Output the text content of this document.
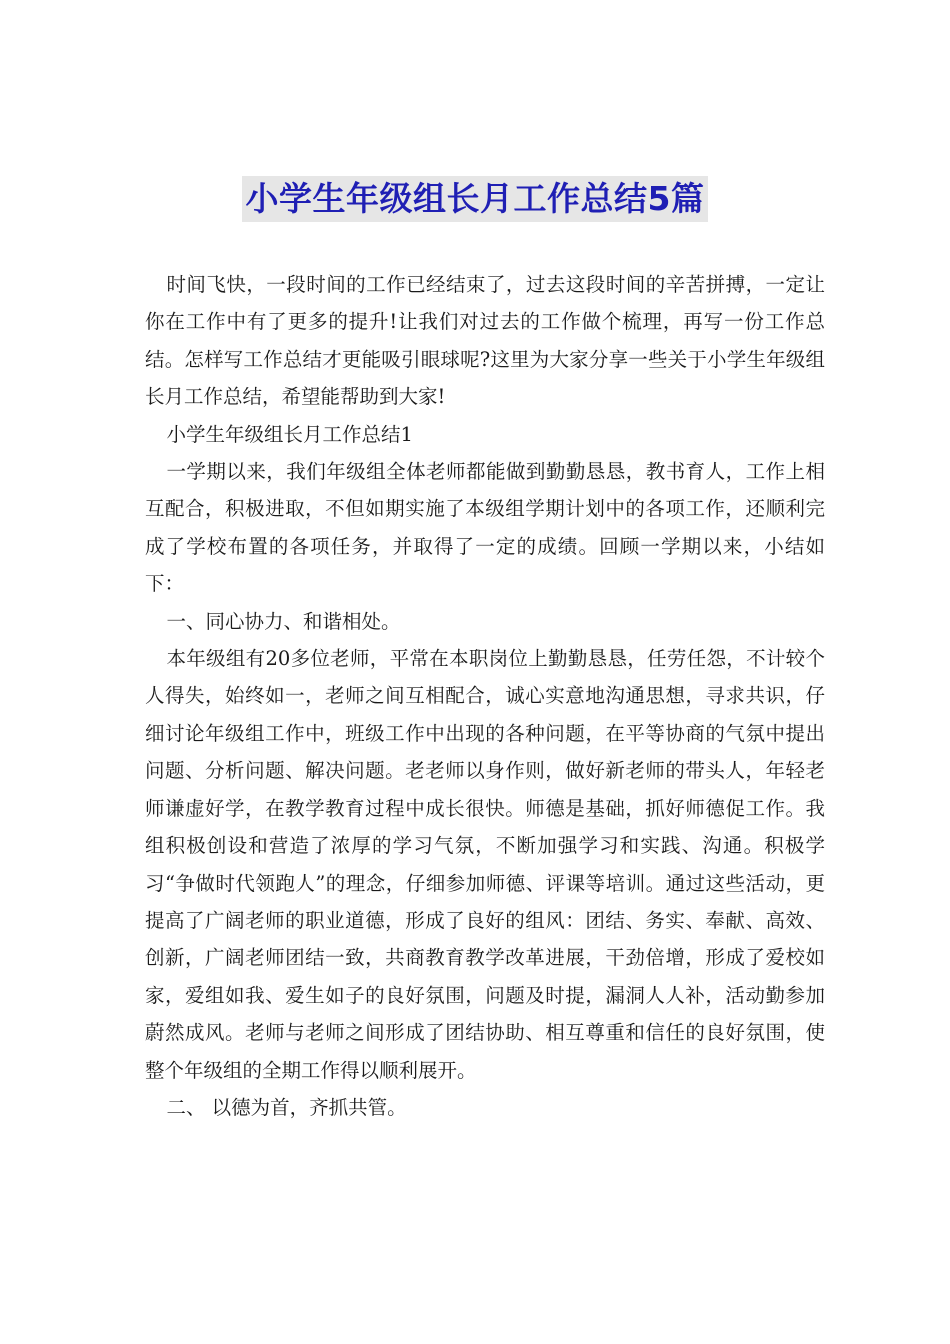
小学生年级组长月工作总结5篇

时间飞快，一段时间的工作已经结束了，过去这段时间的辛苦拼搏，一定让你在工作中有了更多的提升!让我们对过去的工作做个梳理，再写一份工作总结。怎样写工作总结才更能吸引眼球呢?这里为大家分享一些关于小学生年级组长月工作总结，希望能帮助到大家!

小学生年级组长月工作总结1

一学期以来，我们年级组全体老师都能做到勤勤恳恳，教书育人，工作上相互配合，积极进取，不但如期实施了本级组学期计划中的各项工作，还顺利完成了学校布置的各项任务，并取得了一定的成绩。回顾一学期以来，小结如下：

一、同心协力、和谐相处。

本年级组有20多位老师，平常在本职岗位上勤勤恳恳，任劳任怨，不计较个人得失，始终如一，老师之间互相配合，诚心实意地沟通思想，寻求共识，仔细讨论年级组工作中，班级工作中出现的各种问题，在平等协商的气氛中提出问题、分析问题、解决问题。老老师以身作则，做好新老师的带头人，年轻老师谦虚好学，在教学教育过程中成长很快。师德是基础，抓好师德促工作。我组积极创设和营造了浓厚的学习气氛，不断加强学习和实践、沟通。积极学习“争做时代领跑人”的理念，仔细参加师德、评课等培训。通过这些活动，更提高了广阔老师的职业道德，形成了良好的组风：团结、务实、奉献、高效、创新，广阔老师团结一致，共商教育教学改革进展，干劲倍增，形成了爱校如家，爱组如我、爱生如子的良好氛围，问题及时提，漏洞人人补，活动勤参加蔚然成风。老师与老师之间形成了团结协助、相互尊重和信任的良好氛围，使整个年级组的全期工作得以顺利展开。

二、 以德为首，齐抓共管。
